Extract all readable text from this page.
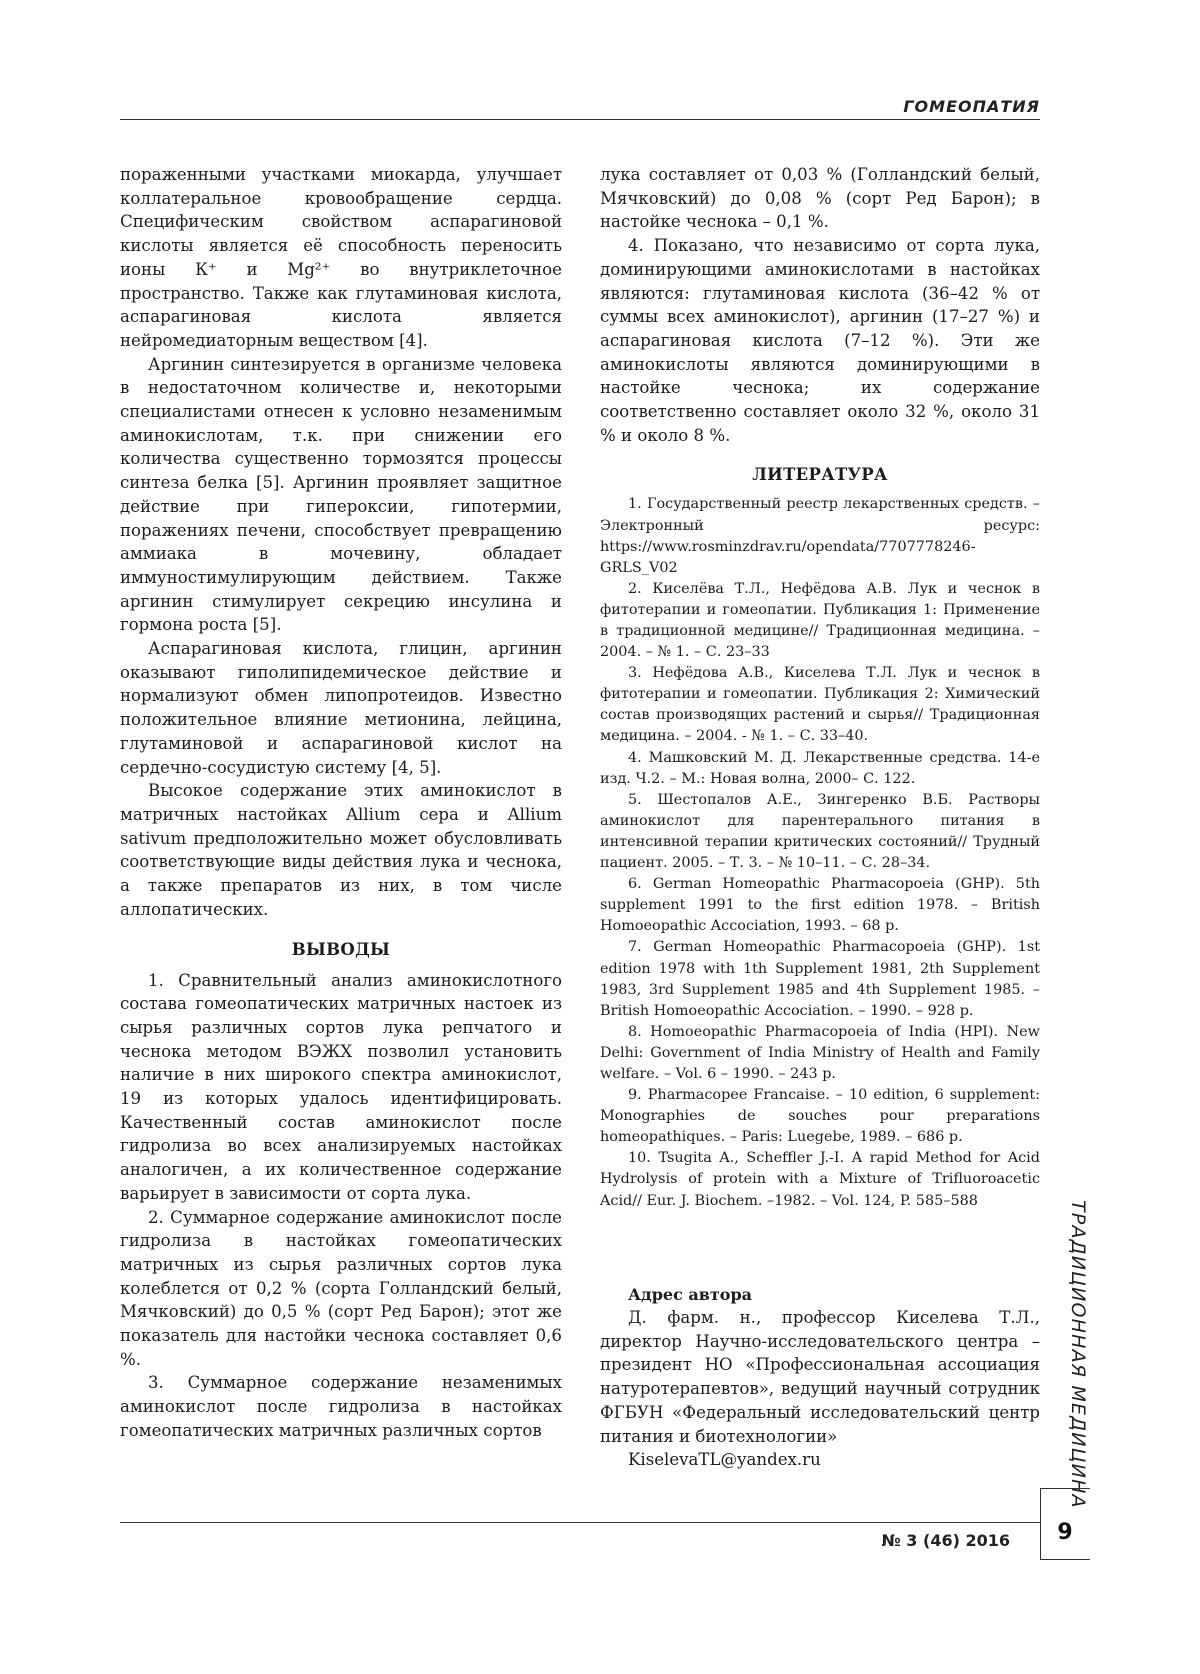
ГОМЕОПАТИЯ

пораженными участками миокарда, улучшает коллатеральное кровообращение сердца. Специфическим свойством аспарагиновой кислоты является её способность переносить ионы К⁺ и Mg²⁺ во внутриклеточное пространство. Также как глутаминовая кислота, аспарагиновая кислота является нейромедиаторным веществом [4].

Аргинин синтезируется в организме человека в недостаточном количестве и, некоторыми специалистами отнесен к условно незаменимым аминокислотам, т.к. при снижении его количества существенно тормозятся процессы синтеза белка [5]. Аргинин проявляет защитное действие при гипероксии, гипотермии, поражениях печени, способствует превращению аммиака в мочевину, обладает иммуностимулирующим действием. Также аргинин стимулирует секрецию инсулина и гормона роста [5].

Аспарагиновая кислота, глицин, аргинин оказывают гиполипидемическое действие и нормализуют обмен липопротеидов. Известно положительное влияние метионина, лейцина, глутаминовой и аспарагиновой кислот на сердечно-сосудистую систему [4, 5].

Высокое содержание этих аминокислот в матричных настойках Allium cepa и Allium sativum предположительно может обусловливать соответствующие виды действия лука и чеснока, а также препаратов из них, в том числе аллопатических.

ВЫВОДЫ

1. Сравнительный анализ аминокислотного состава гомеопатических матричных настоек из сырья различных сортов лука репчатого и чеснока методом ВЭЖХ позволил установить наличие в них широкого спектра аминокислот, 19 из которых удалось идентифицировать. Качественный состав аминокислот после гидролиза во всех анализируемых настойках аналогичен, а их количественное содержание варьирует в зависимости от сорта лука.

2. Суммарное содержание аминокислот после гидролиза в настойках гомеопатических матричных из сырья различных сортов лука колеблется от 0,2 % (сорта Голландский белый, Мячковский) до 0,5 % (сорт Ред Барон); этот же показатель для настойки чеснока составляет 0,6 %.

3. Суммарное содержание незаменимых аминокислот после гидролиза в настойках гомеопатических матричных различных сортов

лука составляет от 0,03 % (Голландский белый, Мячковский) до 0,08 % (сорт Ред Барон); в настойке чеснока – 0,1 %.

4. Показано, что независимо от сорта лука, доминирующими аминокислотами в настойках являются: глутаминовая кислота (36–42 % от суммы всех аминокислот), аргинин (17–27 %) и аспарагиновая кислота (7–12 %). Эти же аминокислоты являются доминирующими в настойке чеснока; их содержание соответственно составляет около 32 %, около 31 % и около 8 %.

ЛИТЕРАТУРА

1. Государственный реестр лекарственных средств. – Электронный ресурс: https://www.rosminzdrav.ru/opendata/7707778246-GRLS_V02

2. Киселёва Т.Л., Нефёдова А.В. Лук и чеснок в фитотерапии и гомеопатии. Публикация 1: Применение в традиционной медицине// Традиционная медицина. – 2004. – № 1. – С. 23–33

3. Нефёдова А.В., Киселева Т.Л. Лук и чеснок в фитотерапии и гомеопатии. Публикация 2: Химический состав производящих растений и сырья// Традиционная медицина. – 2004. - № 1. – С. 33–40.

4. Машковский М. Д. Лекарственные средства. 14-е изд. Ч.2. – М.: Новая волна, 2000– С. 122.

5. Шестопалов А.Е., Зингеренко В.Б. Растворы аминокислот для парентерального питания в интенсивной терапии критических состояний// Трудный пациент. 2005. – Т. 3. – № 10–11. – С. 28–34.

6. German Homeopathic Pharmacopoeia (GHP). 5th supplement 1991 to the first edition 1978. – British Homoeopathic Accociation, 1993. – 68 p.

7. German Homeopathic Pharmacopoeia (GHP). 1st edition 1978 with 1th Supplement 1981, 2th Supplement 1983, 3rd Supplement 1985 and 4th Supplement 1985. – British Homoeopathic Accociation. – 1990. – 928 p.

8. Homoeopathic Pharmacopoeia of India (HPI). New Delhi: Government of India Ministry of Health and Family welfare. – Vol. 6 – 1990. – 243 p.

9. Pharmacopee Francaise. – 10 edition, 6 supplement: Monographies de souches pour preparations homeopathiques. – Paris: Luegebe, 1989. – 686 p.

10. Tsugita A., Scheffler J.-I. A rapid Method for Acid Hydrolysis of protein with a Mixture of Trifluoroacetic Acid// Eur. J. Biochem. –1982. – Vol. 124, P. 585–588

Адрес автора

Д. фарм. н., профессор Киселева Т.Л., директор Научно-исследовательского центра – президент НО «Профессиональная ассоциация натуротерапевтов», ведущий научный сотрудник ФГБУН «Федеральный исследовательский центр питания и биотехнологии»

KiselevaTL@yandex.ru	ТРАДИЦИОННАЯ МЕДИЦИНА
№ 3 (46) 2016	9
